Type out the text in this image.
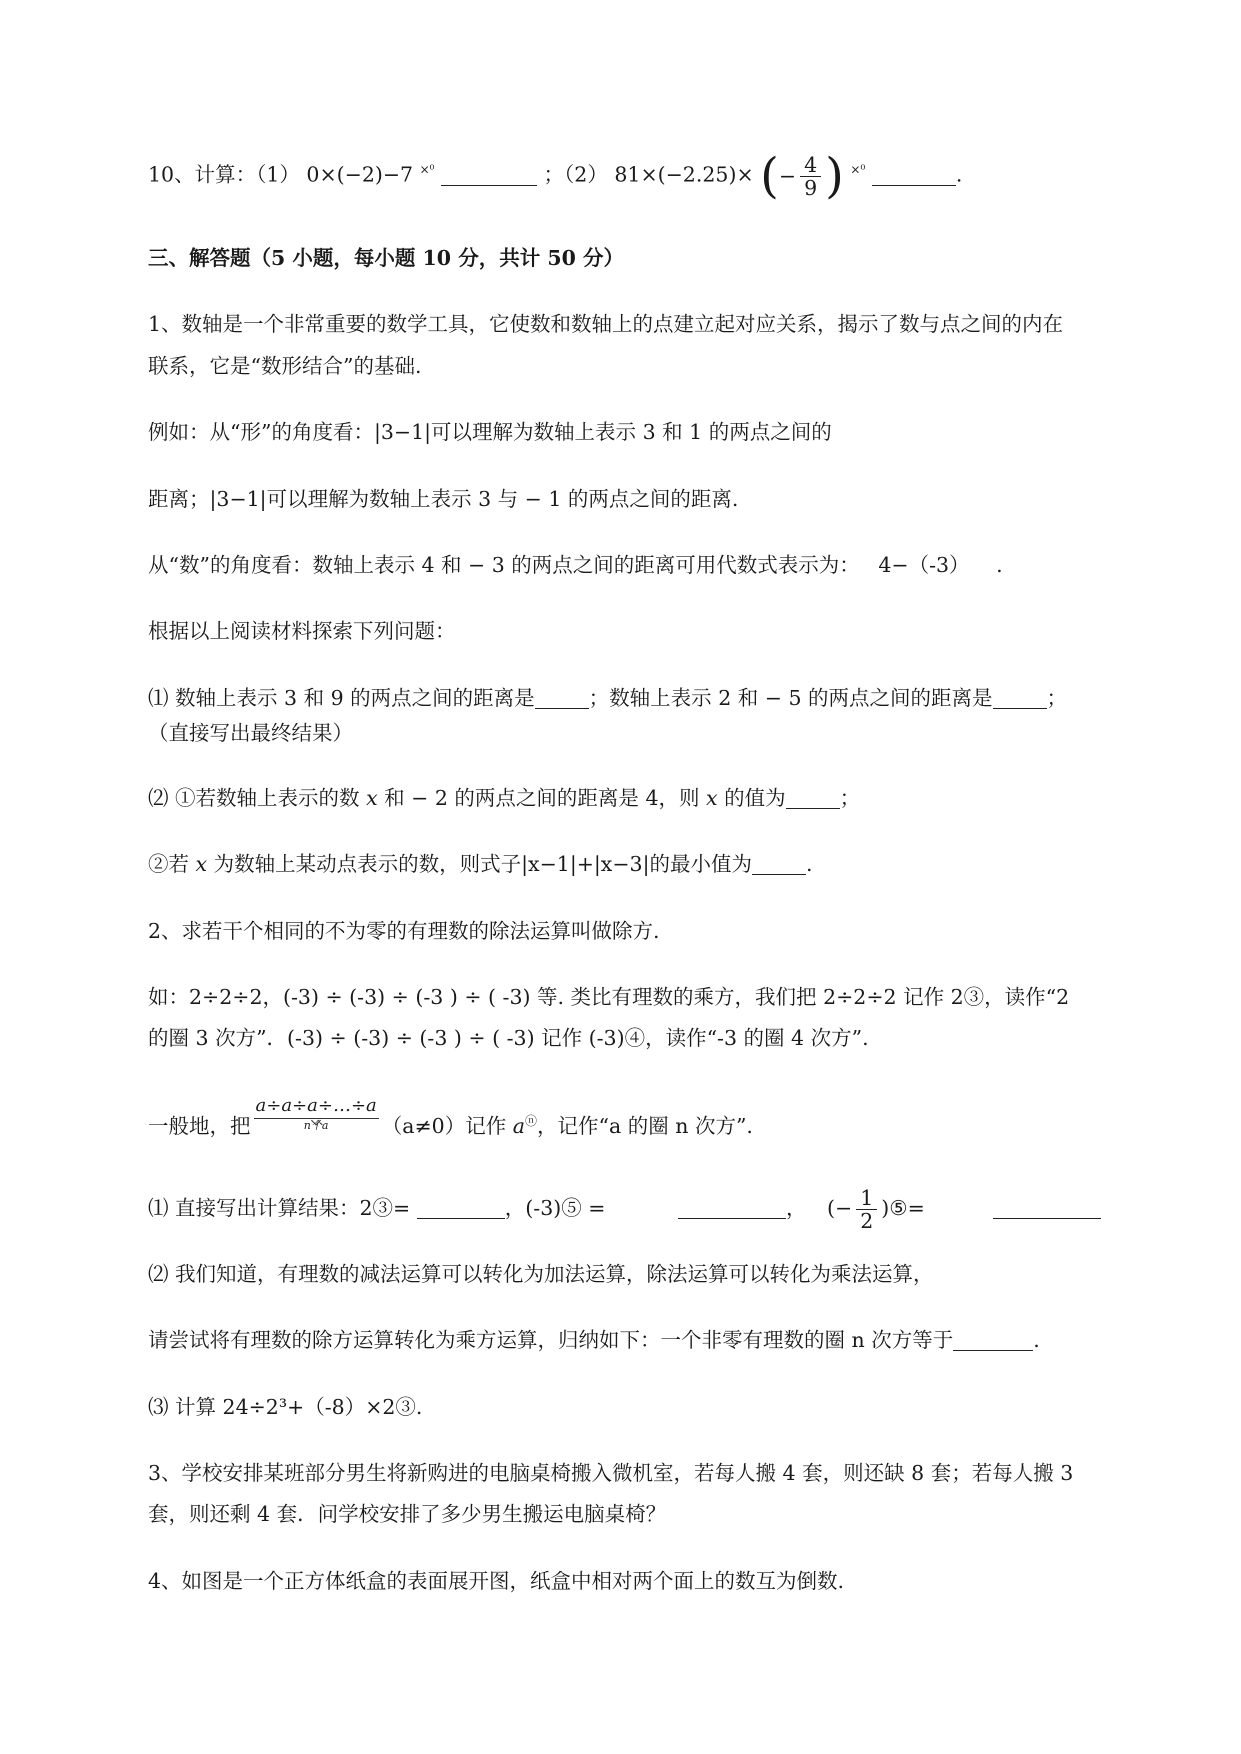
10、计算：（1） 0×(−2)−7 $^{\times^0}$	；（2） 81×(−2.25)× (− $\frac{4}{9}$ ) $^{\times^0}$	.
三、解答题（5 小题，每小题 10 分，共计 50 分）
1、数轴是一个非常重要的数学工具，它使数和数轴上的点建立起对应关系，揭示了数与点之间的内在
联系，它是“数形结合”的基础.
例如：从“形”的角度看：|3−1|可以理解为数轴上表示 3 和 1 的两点之间的
距离；|3−1|可以理解为数轴上表示 3 与 − 1 的两点之间的距离.
从“数”的角度看：数轴上表示 4 和 − 3 的两点之间的距离可用代数式表示为： 4−（-3） .
根据以上阅读材料探索下列问题：
⑴ 数轴上表示 3 和 9 的两点之间的距离是	；数轴上表示 2 和 − 5 的两点之间的距离是	；
（直接写出最终结果）
⑵ ①若数轴上表示的数 x 和 − 2 的两点之间的距离是 4，则 x 的值为	；
②若 x 为数轴上某动点表示的数，则式子|x−1|+|x−3|的最小值为	.
2、求若干个相同的不为零的有理数的除法运算叫做除方.
如：2÷2÷2，(-3) ÷ (-3) ÷ (-3 ) ÷ ( -3) 等. 类比有理数的乘方，我们把 2÷2÷2 记作 2③，读作“2
的圈 3 次方”．(-3) ÷ (-3) ÷ (-3 ) ÷ ( -3) 记作 (-3)④，读作“-3 的圈 4 次方”.
一般地，把
a÷a÷a÷…÷a
n个a	（a≠0）记作 aⓝ，记作“a 的圈 n 次方”.
⑴ 直接写出计算结果：2③=	，(-3)⑤ =	， (− $\frac{1}{2}$ )⑤=
⑵ 我们知道，有理数的减法运算可以转化为加法运算，除法运算可以转化为乘法运算，
请尝试将有理数的除方运算转化为乘方运算，归纳如下：一个非零有理数的圈 n 次方等于	.
⑶ 计算 24÷2³+（-8）×2③.
3、学校安排某班部分男生将新购进的电脑桌椅搬入微机室，若每人搬 4 套，则还缺 8 套；若每人搬 3
套，则还剩 4 套．问学校安排了多少男生搬运电脑桌椅？
4、如图是一个正方体纸盒的表面展开图，纸盒中相对两个面上的数互为倒数.
